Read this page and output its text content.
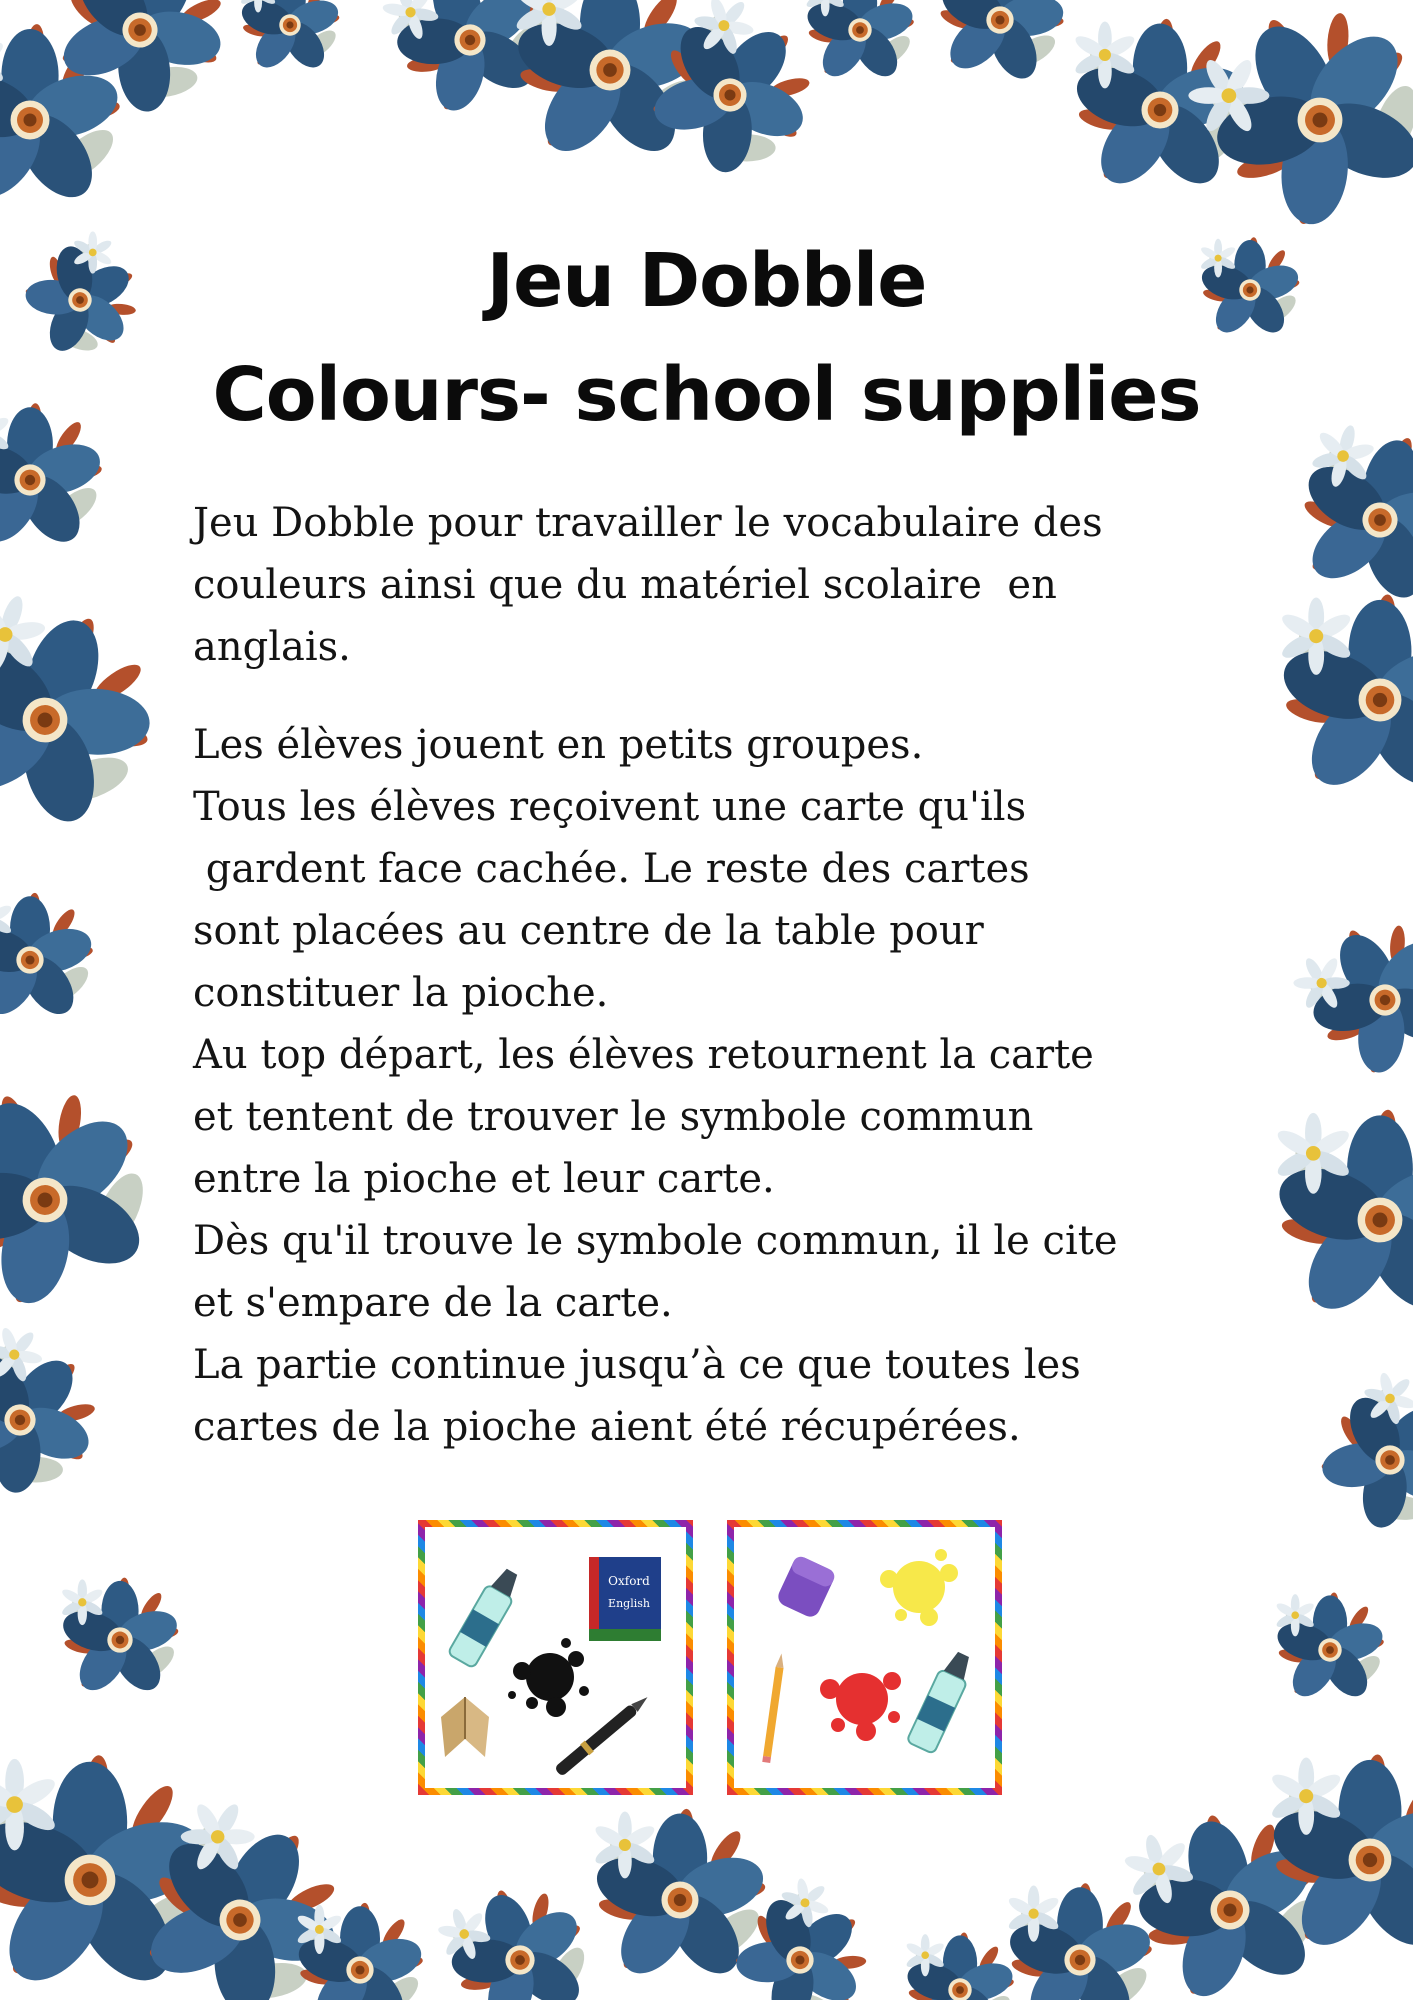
Jeu Dobble
Colours- school supplies
Jeu Dobble pour travailler le vocabulaire des
couleurs ainsi que du matériel scolaire  en
anglais.
Les élèves jouent en petits groupes.
Tous les élèves reçoivent une carte qu'ils
gardent face cachée. Le reste des cartes
sont placées au centre de la table pour
constituer la pioche.
Au top départ, les élèves retournent la carte
et tentent de trouver le symbole commun
entre la pioche et leur carte.
Dès qu'il trouve le symbole commun, il le cite
et s'empare de la carte.
La partie continue jusqu’à ce que toutes les
cartes de la pioche aient été récupérées.
Oxford
English
